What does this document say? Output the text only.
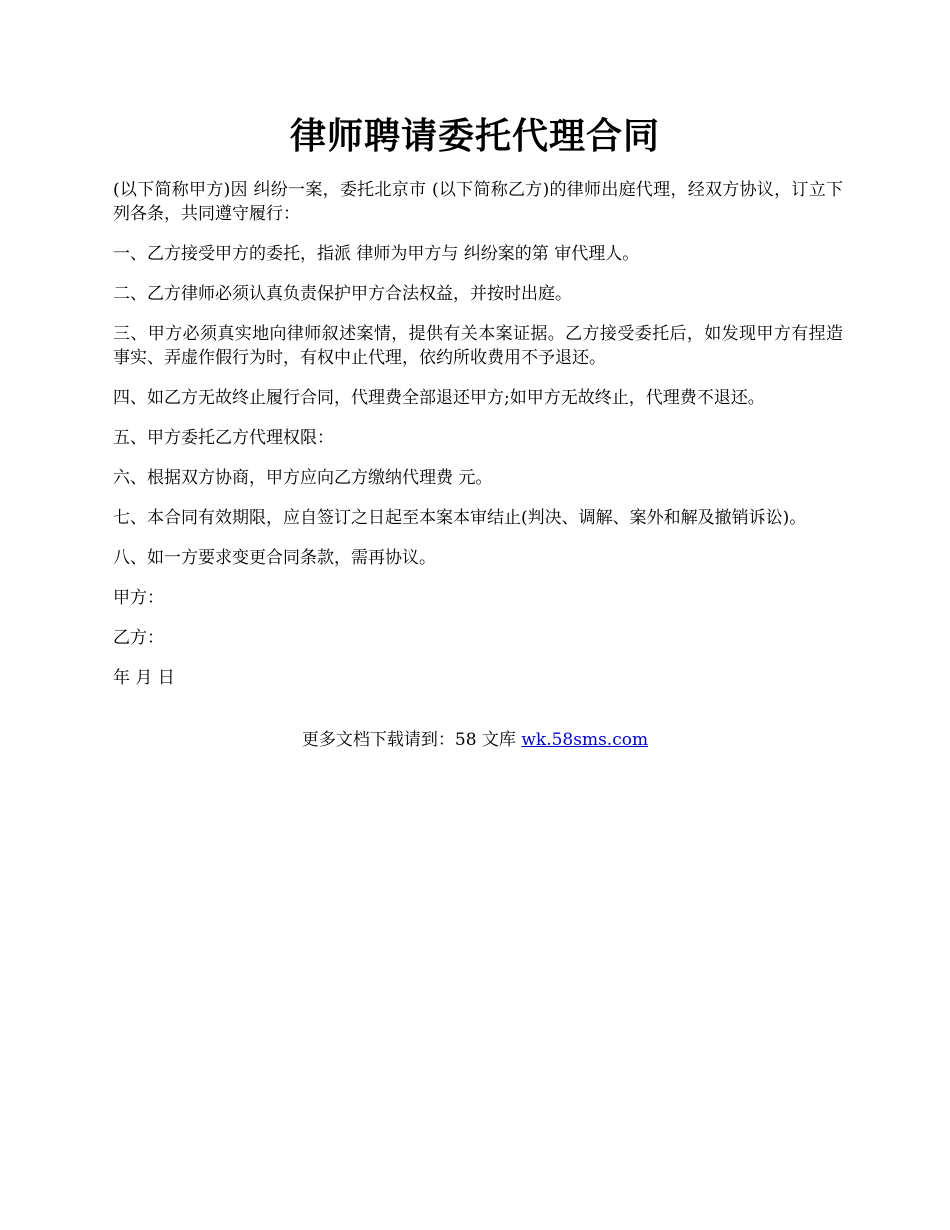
律师聘请委托代理合同

(以下简称甲方)因 纠纷一案，委托北京市 (以下简称乙方)的律师出庭代理，经双方协议，订立下列各条，共同遵守履行：

一、乙方接受甲方的委托，指派 律师为甲方与 纠纷案的第 审代理人。

二、乙方律师必须认真负责保护甲方合法权益，并按时出庭。

三、甲方必须真实地向律师叙述案情，提供有关本案证据。乙方接受委托后，如发现甲方有捏造事实、弄虚作假行为时，有权中止代理，依约所收费用不予退还。

四、如乙方无故终止履行合同，代理费全部退还甲方;如甲方无故终止，代理费不退还。

五、甲方委托乙方代理权限：

六、根据双方协商，甲方应向乙方缴纳代理费 元。

七、本合同有效期限，应自签订之日起至本案本审结止(判决、调解、案外和解及撤销诉讼)。

八、如一方要求变更合同条款，需再协议。

甲方：

乙方：

年 月 日

更多文档下载请到：58 文库 wk.58sms.com
